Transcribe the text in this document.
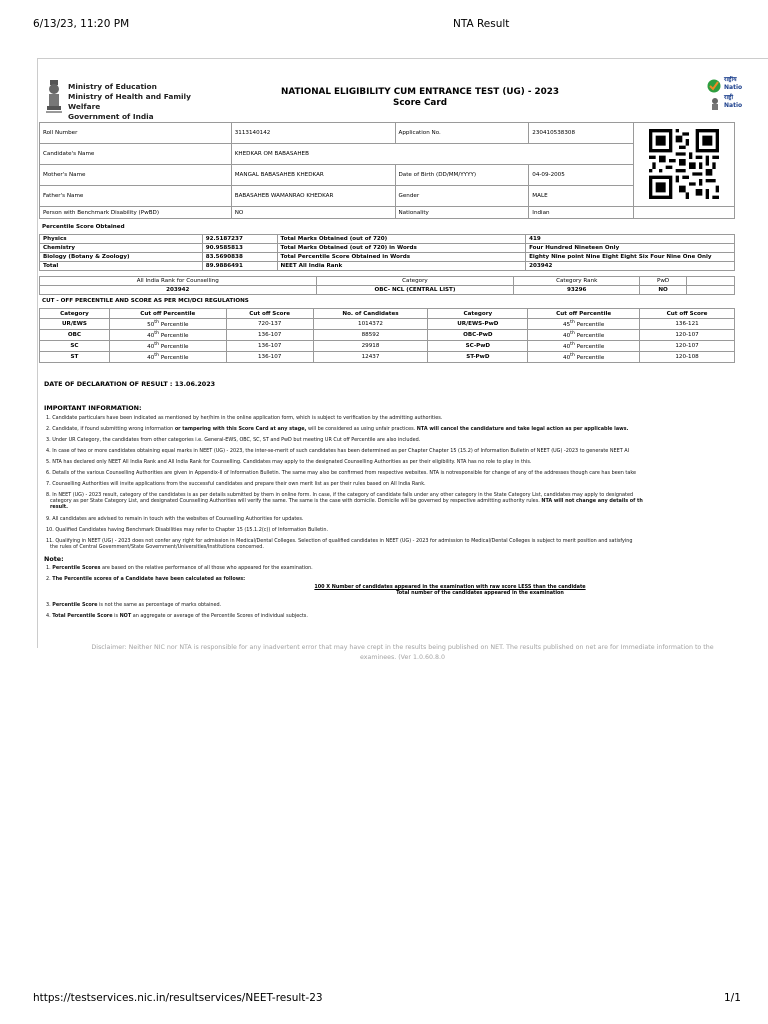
6/13/23, 11:20 PM	NTA Result
Ministry of Education
Ministry of Health and Family Welfare
Government of India
NATIONAL ELIGIBILITY CUM ENTRANCE TEST (UG) - 2023
Score Card
राष्ट्रीय
Natio
राष्ट्री
Natio
Roll Number	3113140142	Application No.	230410538308	
Candidate's Name	KHEDKAR OM BABASAHEB			
Mother's Name	MANGAL BABASAHEB KHEDKAR	Date of Birth (DD/MM/YYYY)	04-09-2005	
Father's Name	BABASAHEB WAMANRAO KHEDKAR	Gender	MALE	
Person with Benchmark Disability (PwBD)	NO	Nationality	Indian	
Percentile Score Obtained
Physics	92.5187237	Total Marks Obtained (out of 720)	419
Chemistry	90.9585813	Total Marks Obtained (out of 720) in Words	Four Hundred Nineteen Only
Biology (Botany & Zoology)	83.5690838	Total Percentile Score Obtained in Words	Eighty Nine point Nine Eight Eight Six Four Nine One Only
Total	89.9886491	NEET All India Rank	203942
All India Rank for Counselling	Category	Category Rank	PwD	
203942	OBC- NCL (CENTRAL LIST)	93296	NO	
CUT - OFF PERCENTILE AND SCORE AS PER MCI/DCI REGULATIONS
Category	Cut off Percentile	Cut off Score	No. of Candidates	Category	Cut off Percentile	Cut off Score
UR/EWS	50th Percentile	720-137	1014372	UR/EWS-PwD	45th Percentile	136-121
OBC	40th Percentile	136-107	88592	OBC-PwD	40th Percentile	120-107
SC	40th Percentile	136-107	29918	SC-PwD	40th Percentile	120-107
ST	40th Percentile	136-107	12437	ST-PwD	40th Percentile	120-108
DATE OF DECLARATION OF RESULT : 13.06.2023
IMPORTANT INFORMATION:
1. Candidate particulars have been indicated as mentioned by her/him in the online application form, which is subject to verification by the admitting authorities.
2. Candidate, if found submitting wrong information or tampering with this Score Card at any stage, will be considered as using unfair practices. NTA will cancel the candidature and take legal action as per applicable laws.
3. Under UR Category, the candidates from other categories i.e. General-EWS, OBC, SC, ST and PwD but meeting UR Cut off Percentile are also included.
4. In case of two or more candidates obtaining equal marks in NEET (UG) - 2023, the inter-se-merit of such candidates has been determined as per Chapter Chapter 15 (15.2) of Information Bulletin of NEET (UG) -2023 to generate NEET AI
5. NTA has declared only NEET All India Rank and All India Rank for Counselling. Candidates may apply to the designated Counselling Authorities as per their eligibility. NTA has no role to play in this.
6. Details of the various Counselling Authorities are given in Appendix-II of Information Bulletin. The same may also be confirmed from respective websites. NTA is notresponsible for change of any of the addresses though care has been take
7. Counselling Authorities will invite applications from the successful candidates and prepare their own merit list as per their rules based on All India Rank.
8. In NEET (UG) - 2023 result, category of the candidates is as per details submitted by them in online form. In case, if the category of candidate falls under any other category in the State Category List, candidates may apply to designated
category as per State Category List, and designated Counselling Authorities will verify the same. The same is the case with domicile. Domicile will be governed by respective admitting authority rules. NTA will not change any details of th
result.
9. All candidates are advised to remain in touch with the websites of Counselling Authorities for updates.
10. Qualified Candidates having Benchmark Disabilities may refer to Chapter 15 (15.1.2(c)) of Information Bulletin.
11. Qualifying in NEET (UG) - 2023 does not confer any right for admission in Medical/Dental Colleges. Selection of qualified candidates in NEET (UG) - 2023 for admission to Medical/Dental Colleges is subject to merit position and satisfying
the rules of Central Government/State Government/Universities/Institutions concerned.
Note:
1. Percentile Scores are based on the relative performance of all those who appeared for the examination.
2. The Percentile scores of a Candidate have been calculated as follows:
100 X Number of candidates appeared in the examination with raw score LESS than the candidate
Total number of the candidates appeared in the examination
3. Percentile Score is not the same as percentage of marks obtained.
4. Total Percentile Score is NOT an aggregate or average of the Percentile Scores of individual subjects.
Disclaimer: Neither NIC nor NTA is responsible for any inadvertent error that may have crept in the results being published on NET. The results published on net are for Immediate information to the
examinees. (Ver 1.0.60.8.0
https://testservices.nic.in/resultservices/NEET-result-23	1/1
